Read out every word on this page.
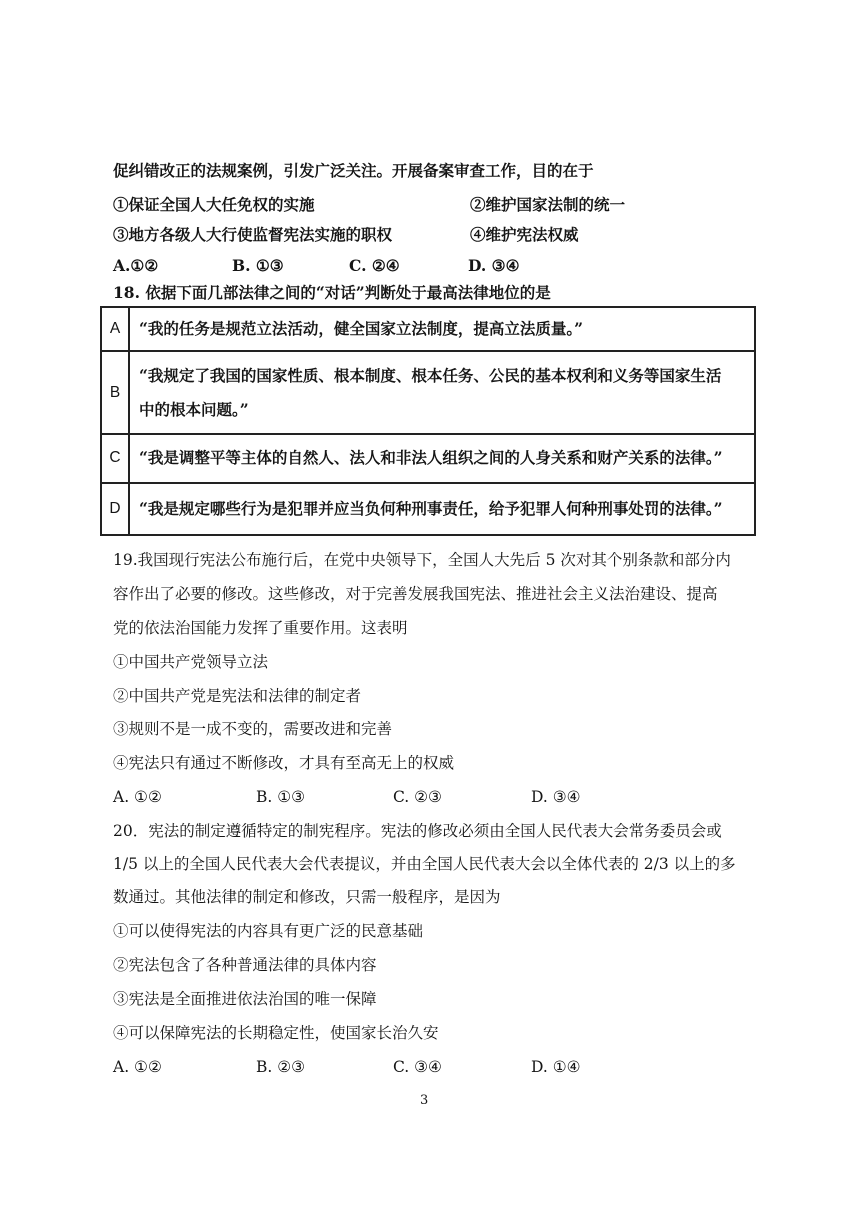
促纠错改正的法规案例，引发广泛关注。开展备案审查工作，目的在于
①保证全国人大任免权的实施	②维护国家法制的统一
③地方各级人大行使监督宪法实施的职权	④维护宪法权威
A.①②	B. ①③	C. ②④	D. ③④
18. 依据下面几部法律之间的“对话”判断处于最高法律地位的是
A	“我的任务是规范立法活动，健全国家立法制度，提高立法质量。”
B	“我规定了我国的国家性质、根本制度、根本任务、公民的基本权利和义务等国家生活
中的根本问题。”

C	“我是调整平等主体的自然人、法人和非法人组织之间的人身关系和财产关系的法律。”
D	“我是规定哪些行为是犯罪并应当负何种刑事责任，给予犯罪人何种刑事处罚的法律。”
19.我国现行宪法公布施行后，在党中央领导下，全国人大先后 5 次对其个别条款和部分内
容作出了必要的修改。这些修改，对于完善发展我国宪法、推进社会主义法治建设、提高
党的依法治国能力发挥了重要作用。这表明
①中国共产党领导立法
②中国共产党是宪法和法律的制定者
③规则不是一成不变的，需要改进和完善
④宪法只有通过不断修改，才具有至高无上的权威
A. ①②	B. ①③	C. ②③	D. ③④
20．宪法的制定遵循特定的制宪程序。宪法的修改必须由全国人民代表大会常务委员会或
1/5 以上的全国人民代表大会代表提议，并由全国人民代表大会以全体代表的 2/3 以上的多
数通过。其他法律的制定和修改，只需一般程序，是因为
①可以使得宪法的内容具有更广泛的民意基础
②宪法包含了各种普通法律的具体内容
③宪法是全面推进依法治国的唯一保障
④可以保障宪法的长期稳定性，使国家长治久安
A. ①②	B. ②③	C. ③④	D. ①④
3
